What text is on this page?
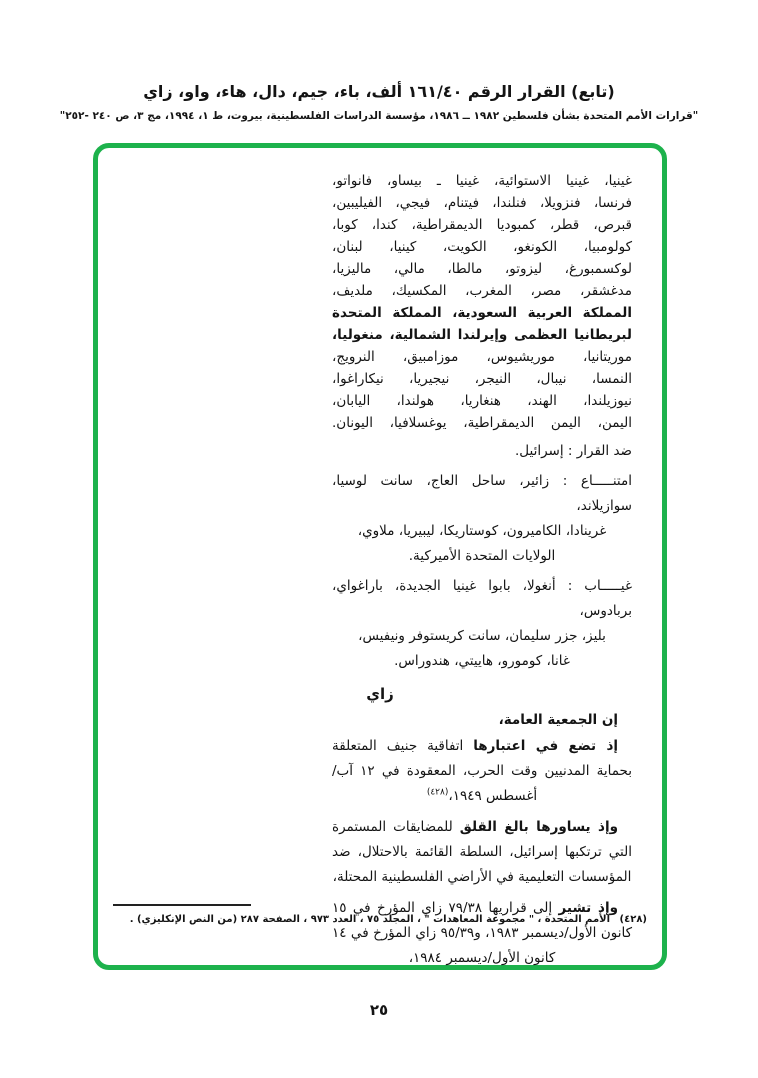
(تابع) القرار الرقم ١٦١/٤٠ ألف، باء، جيم، دال، هاء، واو، زاي
"قرارات الأمم المتحدة بشأن فلسطين ١٩٨٢ ــ ١٩٨٦، مؤسسة الدراسات الفلسطينية، بيروت، ط ١، ١٩٩٤، مج ٣، ص ٢٤٠ -٢٥٢"
غينيا، غينيا الاستوائية، غينيا ـ بيساو، فانواتو،
فرنسا، فنزويلا، فنلندا، فيتنام، فيجي، الفيليبين،
قبرص، قطر، كمبوديا الديمقراطية، كندا، كوبا،
كولومبيا، الكونغو، الكويت، كينيا، لبنان،
لوكسمبورغ، ليزوتو، مالطا، مالي، ماليزيا،
مدغشقر، مصر، المغرب، المكسيك، ملديف،
المملكة العربية السعودية، المملكة المتحدة
لبريطانيا العظمى وإيرلندا الشمالية، منغوليا،
موريتانيا، موريشيوس، موزامبيق، النرويج،
النمسا، نيبال، النيجر، نيجيريا، نيكاراغوا،
نيوزيلندا، الهند، هنغاريا، هولندا، اليابان،
اليمن، اليمن الديمقراطية، يوغسلافيا، اليونان.
ضد القرار : إسرائيل.
امتنـــــاع : زائير، ساحل العاج، سانت لوسيا، سوازيلاند،
غرينادا، الكاميرون، كوستاريكا، ليبيريا، ملاوي،
الولايات المتحدة الأميركية.
غيـــــاب : أنغولا، بابوا غينيا الجديدة، باراغواي، بربادوس،
بليز، جزر سليمان، سانت كريستوفر ونيفيس،
غانا، كومورو، هاييتي، هندوراس.
زاي
إن الجمعية العامة،

إذ تضع في اعتبارها اتفاقية جنيف المتعلقة بحماية المدنيين وقت الحرب، المعقودة في ١٢ آب/أغسطس ١٩٤٩،$^{(٤٢٨)}$

وإذ يساورها بالغ القلق للمضايقات المستمرة التي ترتكبها إسرائيل، السلطة القائمة بالاحتلال، ضد المؤسسات التعليمية في الأراضي الفلسطينية المحتلة،

وإذ تشير إلى قراريها ٧٩/٣٨ زاي المؤرخ في ١٥ كانون الأول/ديسمبر ١٩٨٣، و٩٥/٣٩ زاي المؤرخ في ١٤ كانون الأول/ديسمبر ١٩٨٤،

(٤٢٨) الأمم المتحدة ، " مجموعة المعاهدات " ، المجلد ٧٥ ، العدد ٩٧٣ ، الصفحة ٢٨٧ (من النص الإنكليزي) .
٢٥
